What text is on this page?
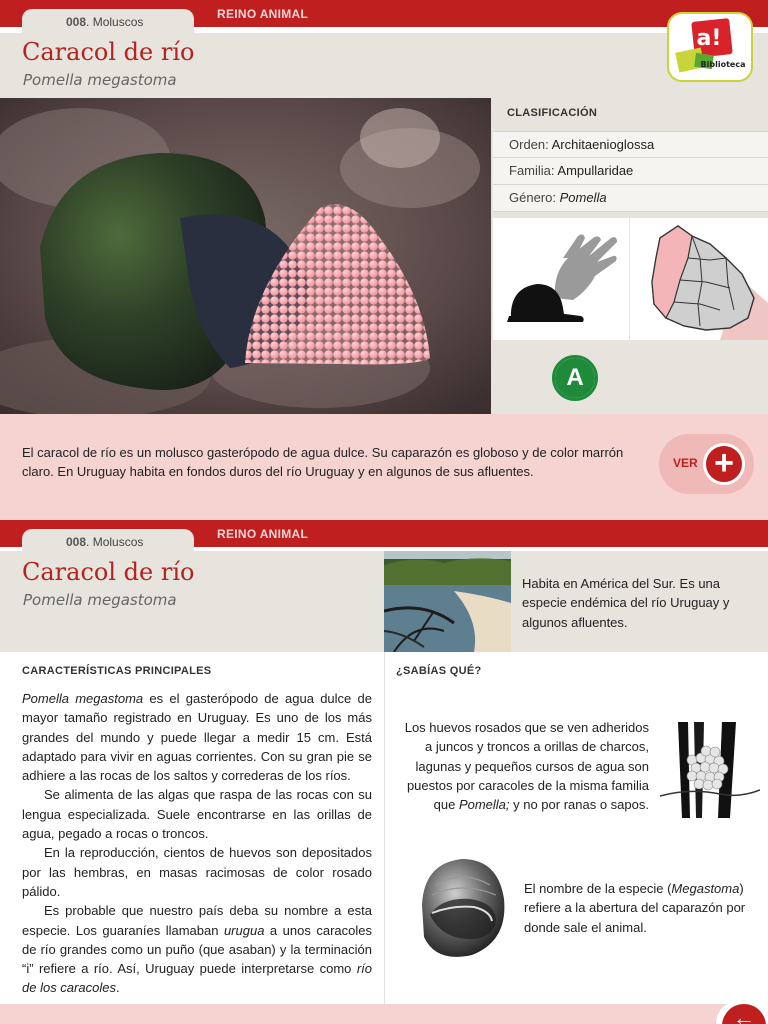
008. Moluscos
REINO ANIMAL
Caracol de río
Pomella megastoma
a!
Biblioteca
CLASIFICACIÓN
Orden: Architaenioglossa
Familia: Ampullaridae
Género: Pomella
A
El caracol de río es un molusco gasterópodo de agua dulce. Su caparazón es globoso y de color marrón claro. En Uruguay habita en fondos duros del río Uruguay y en algunos de sus afluentes.
VER +
008. Moluscos
REINO ANIMAL
Caracol de río
Pomella megastoma
Habita en América del Sur. Es una especie endémica del río Uruguay y algunos afluentes.
CARACTERÍSTICAS PRINCIPALES

Pomella megastoma es el gasterópodo de agua dulce de mayor tamaño registrado en Uruguay. Es uno de los más grandes del mundo y puede llegar a medir 15 cm. Está adaptado para vivir en aguas corrientes. Con su gran pie se adhiere a las rocas de los saltos y correderas de los ríos.

Se alimenta de las algas que raspa de las rocas con su lengua especializada. Suele encontrarse en las orillas de agua, pegado a rocas o troncos.

En la reproducción, cientos de huevos son depositados por las hembras, en masas racimosas de color rosado pálido.

Es probable que nuestro país deba su nombre a esta especie. Los guaraníes llamaban urugua a unos caracoles de río grandes como un puño (que asaban) y la terminación “i” refiere a río. Así, Uruguay puede interpretarse como río de los caracoles.

¿SABÍAS QUÉ?
Los huevos rosados que se ven adheridos a juncos y troncos a orillas de charcos, lagunas y pequeños cursos de agua son puestos por caracoles de la misma familia que Pomella; y no por ranas o sapos.
El nombre de la especie (Megastoma) refiere a la abertura del caparazón por donde sale el animal.
←
